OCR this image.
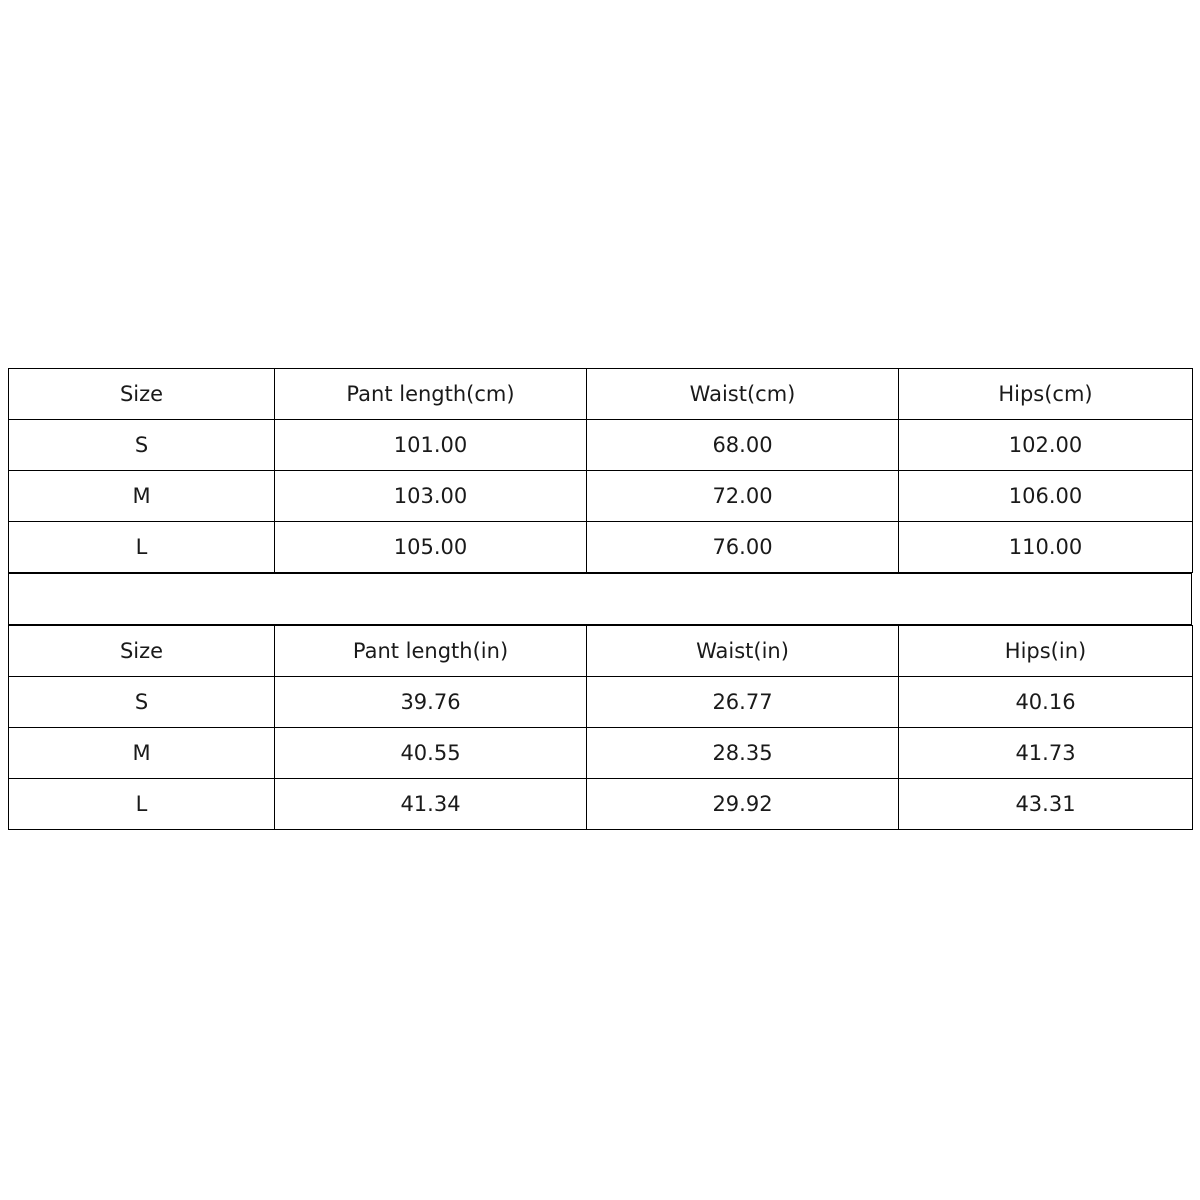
Size	Pant length(cm)	Waist(cm)	Hips(cm)
S	101.00	68.00	102.00
M	103.00	72.00	106.00
L	105.00	76.00	110.00
Size	Pant length(in)	Waist(in)	Hips(in)
S	39.76	26.77	40.16
M	40.55	28.35	41.73
L	41.34	29.92	43.31
